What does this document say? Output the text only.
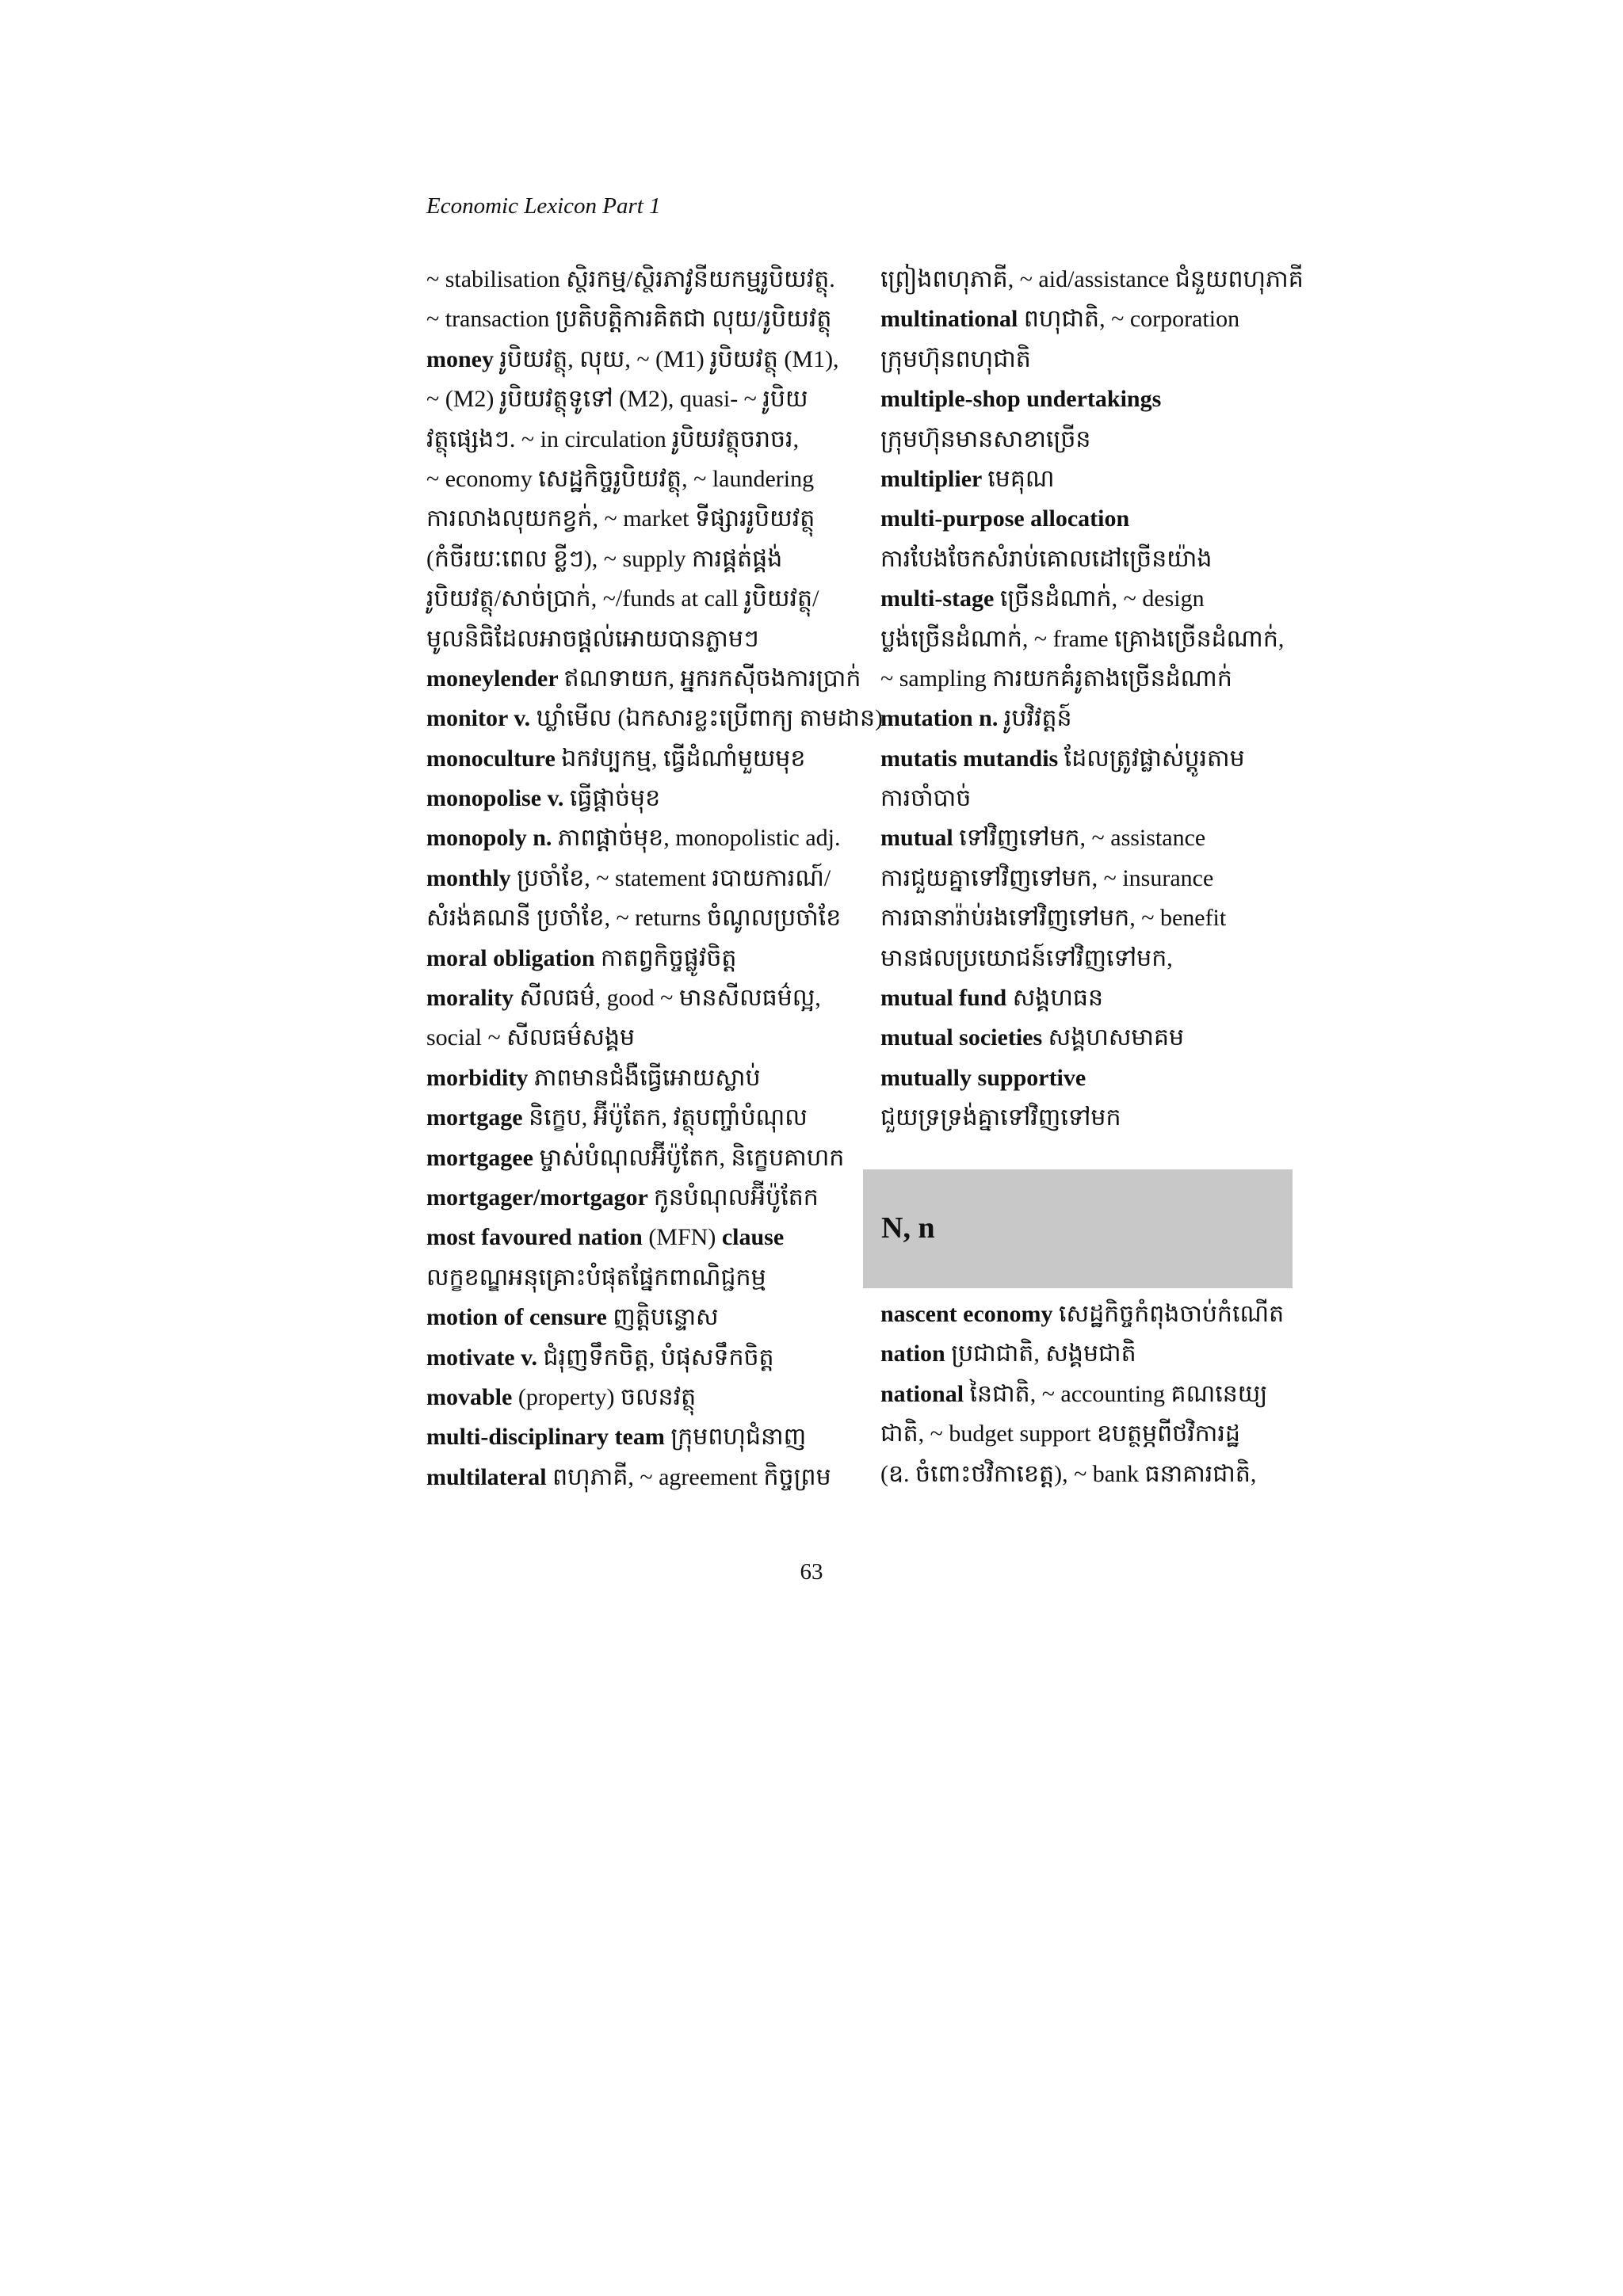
Economic Lexicon Part 1
~ stabilisation ស្ថិរកម្ម/ស្ថិរភាវូនីយកម្មរូបិយវត្ថុ.
~ transaction ប្រតិបត្តិការគិតជា លុយ/រូបិយវត្ថុ
money រូបិយវត្ថុ, លុយ, ~ (M1) រូបិយវត្ថុ (M1),
~ (M2) រូបិយវត្ថុទូទៅ (M2), quasi- ~ រូបិយ
វត្ថុផ្សេងៗ. ~ in circulation រូបិយវត្ថុចរាចរ,
~ economy សេដ្ឋកិច្ចរូបិយវត្ថុ, ~ laundering
ការលាងលុយកខ្វក់, ~ market ទីផ្សាររូបិយវត្ថុ
(កំចីរយៈពេល ខ្លីៗ), ~ supply ការផ្គត់ផ្គង់
រូបិយវត្ថុ/សាច់ប្រាក់, ~/funds at call រូបិយវត្ថុ/
មូលនិធិដែលអាចផ្តល់អោយបានភ្លាមៗ
moneylender ឥណទាយក, អ្នករកស៊ីចងការប្រាក់
monitor v. ឃ្លាំមើល (ឯកសារខ្លះប្រើពាក្យ តាមដាន)
monoculture ឯកវប្បកម្ម, ធ្វើដំណាំមួយមុខ
monopolise v. ធ្វើផ្តាច់មុខ
monopoly n. ភាពផ្តាច់មុខ, monopolistic adj.
monthly ប្រចាំខែ, ~ statement របាយការណ៍/
សំរង់គណនី ប្រចាំខែ, ~ returns ចំណូលប្រចាំខែ
moral obligation កាតព្វកិច្ចផ្លូវចិត្ត
morality សីលធម៌, good ~ មានសីលធម៌ល្អ,
social ~ សីលធម៌សង្គម
morbidity ភាពមានជំងឺធ្វើអោយស្លាប់
mortgage និក្ខេប, អ៊ីប៉ូតែក, វត្ថុបញ្ចាំបំណុល
mortgagee ម្ចាស់បំណុលអ៊ីប៉ូតែក, និក្ខេបគាហក
mortgager/mortgagor កូនបំណុលអ៊ីប៉ូតែក
most favoured nation (MFN) clause
លក្ខខណ្ឌអនុគ្រោះបំផុតផ្នែកពាណិជ្ជកម្ម
motion of censure ញត្តិបន្ទោស
motivate v. ជំរុញទឹកចិត្ត, បំផុសទឹកចិត្ត
movable (property) ចលនវត្ថុ
multi-disciplinary team ក្រុមពហុជំនាញ
multilateral ពហុភាគី, ~ agreement កិច្ចព្រម
ព្រៀងពហុភាគី, ~ aid/assistance ជំនួយពហុភាគី
multinational ពហុជាតិ, ~ corporation
ក្រុមហ៊ុនពហុជាតិ
multiple-shop undertakings
ក្រុមហ៊ុនមានសាខាច្រើន
multiplier មេគុណ
multi-purpose allocation
ការបែងចែកសំរាប់គោលដៅច្រើនយ៉ាង
multi-stage ច្រើនដំណាក់, ~ design
ប្លង់ច្រើនដំណាក់, ~ frame គ្រោងច្រើនដំណាក់,
~ sampling ការយកគំរូតាងច្រើនដំណាក់
mutation n. រូបវិវត្តន៍
mutatis mutandis ដែលត្រូវផ្លាស់ប្តូរតាម
ការចាំបាច់
mutual ទៅវិញទៅមក, ~ assistance
ការជួយគ្នាទៅវិញទៅមក, ~ insurance
ការធានារ៉ាប់រងទៅវិញទៅមក, ~ benefit
មានផលប្រយោជន៍ទៅវិញទៅមក,
mutual fund សង្គហធន
mutual societies សង្គហសមាគម
mutually supportive
ជួយទ្រទ្រង់គ្នាទៅវិញទៅមក
N, n
nascent economy សេដ្ឋកិច្ចកំពុងចាប់កំណើត
nation ប្រជាជាតិ, សង្គមជាតិ
national នៃជាតិ, ~ accounting គណនេយ្យ
ជាតិ, ~ budget support ឧបត្ថម្ភពីថវិការដ្ឋ
(ឧ. ចំពោះថវិកាខេត្ត), ~ bank ធនាគារជាតិ,
63
